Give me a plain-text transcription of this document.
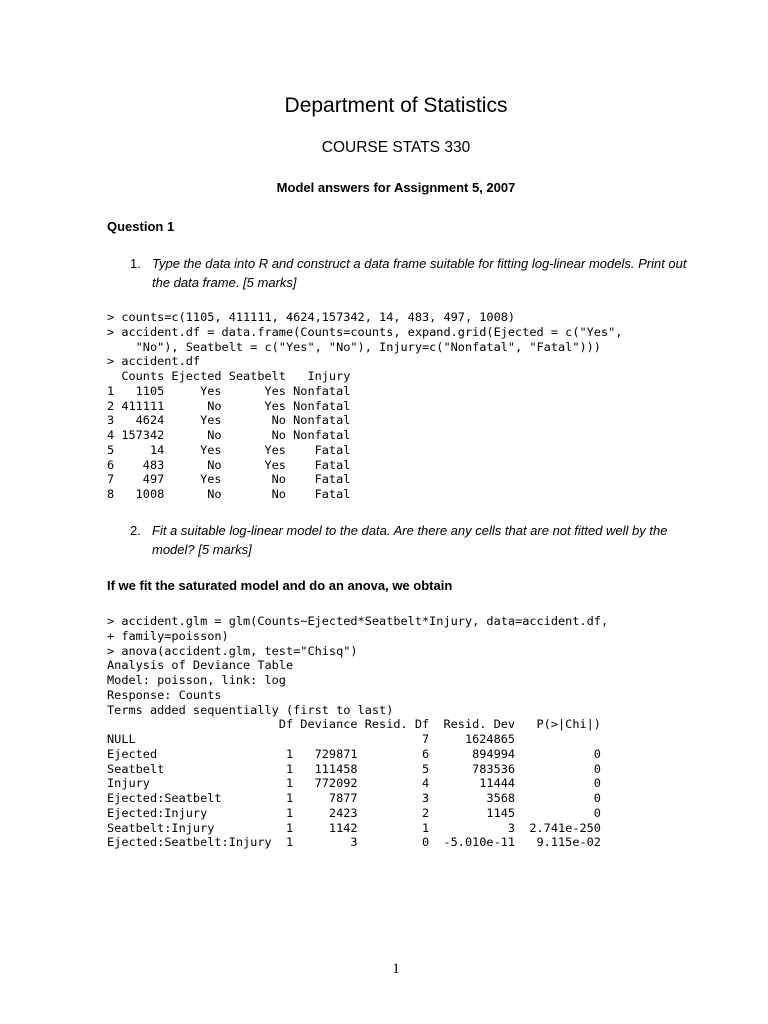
Department of Statistics
COURSE STATS 330
Model answers for Assignment 5, 2007
Question 1
1. Type the data into R and construct a data frame suitable for fitting log-linear models. Print out the data frame. [5 marks]
> counts=c(1105, 411111, 4624,157342, 14, 483, 497, 1008)
> accident.df = data.frame(Counts=counts, expand.grid(Ejected = c("Yes",
"No"), Seatbelt = c("Yes", "No"), Injury=c("Nonfatal", "Fatal")))
> accident.df
Counts Ejected Seatbelt   Injury
1   1105     Yes      Yes Nonfatal
2 411111      No      Yes Nonfatal
3   4624     Yes       No Nonfatal
4 157342      No       No Nonfatal
5     14     Yes      Yes    Fatal
6    483      No      Yes    Fatal
7    497     Yes       No    Fatal
8   1008      No       No    Fatal
2. Fit a suitable log-linear model to the data. Are there any cells that are not fitted well by the model? [5 marks]
If we fit the saturated model and do an anova, we obtain
> accident.glm = glm(Counts~Ejected*Seatbelt*Injury, data=accident.df,
+ family=poisson)
> anova(accident.glm, test="Chisq")
Analysis of Deviance Table
Model: poisson, link: log
Response: Counts
Terms added sequentially (first to last)
Df Deviance Resid. Df  Resid. Dev   P(>|Chi|)
NULL                                        7     1624865
Ejected                  1   729871         6      894994           0
Seatbelt                 1   111458         5      783536           0
Injury                   1   772092         4       11444           0
Ejected:Seatbelt         1     7877         3        3568           0
Ejected:Injury           1     2423         2        1145           0
Seatbelt:Injury          1     1142         1           3  2.741e-250
Ejected:Seatbelt:Injury  1        3         0  -5.010e-11   9.115e-02
1
